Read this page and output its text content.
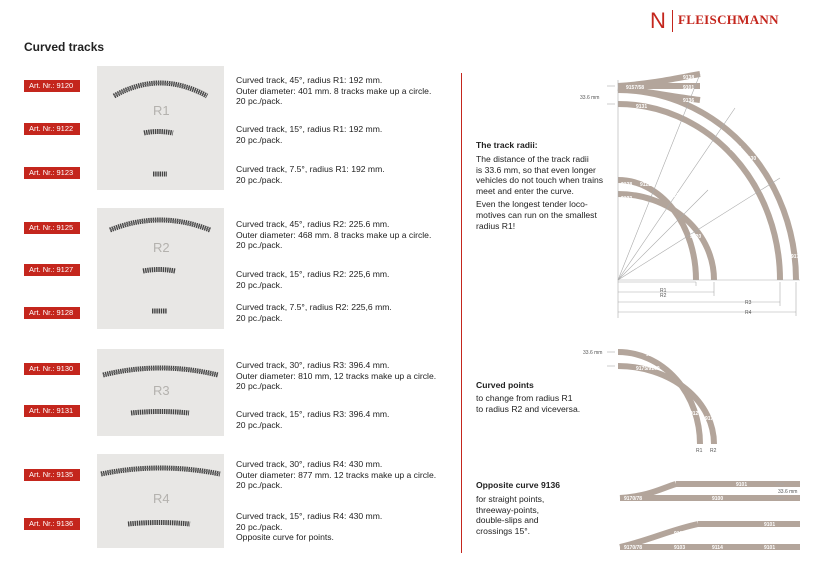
N FLEISCHMANN
Curved tracks
R1
Art. Nr.: 9120
Curved track, 45°, radius R1: 192 mm.
Outer diameter: 401 mm. 8 tracks make up a circle.
20 pc./pack.
Art. Nr.: 9122	Curved track, 15°, radius R1: 192 mm.
20 pc./pack.
Art. Nr.: 9123	Curved track, 7.5°, radius R1: 192 mm.
20 pc./pack.
R2
Art. Nr.: 9125	Curved track, 45°, radius R2: 225.6 mm.
Outer diameter: 468 mm. 8 tracks make up a circle.
20 pc./pack.
Art. Nr.: 9127	Curved track, 15°, radius R2: 225,6 mm.
20 pc./pack.
Art. Nr.: 9128
Curved track, 7.5°, radius R2: 225,6 mm.
20 pc./pack.
R3
Art. Nr.: 9130	Curved track, 30°, radius R3: 396.4 mm.
Outer diameter: 810 mm, 12 tracks make up a circle.
20 pc./pack.
Art. Nr.: 9131	Curved track, 15°, radius R3: 396.4 mm.
20 pc./pack.
R4
Art. Nr.: 9135
Curved track, 30°, radius R4: 430 mm.
Outer diameter: 877 mm. 12 tracks make up a circle.
20 pc./pack.
Art. Nr.: 9136
Curved track, 15°, radius R4: 430 mm.
20 pc./pack.
Opposite curve for points.
The track radii:
The distance of the track radii
is 33.6 mm, so that even longer
vehicles do not touch when trains
meet and enter the curve.
Even the longest tender loco-
motives can run on the smallest
radius R1!
Curved points
to change from radius R1
to radius R2 and viceversa.
Opposite curve 9136
for straight points,
threeway-points,
double-slips and
crossings 15°.
33.6 mm
R1
R2
R3
R4
9138
9101
9157/58
9136
9131
9135
9130
9170/9178
9122
9127
9120 9125
9128
9123
33.6 mm
R1 R2
9125
9175/9169
9120
9174/9168
33.6 mm
9101
9100
9170/78
9101
9102
9170/78	9103	9114	9101
